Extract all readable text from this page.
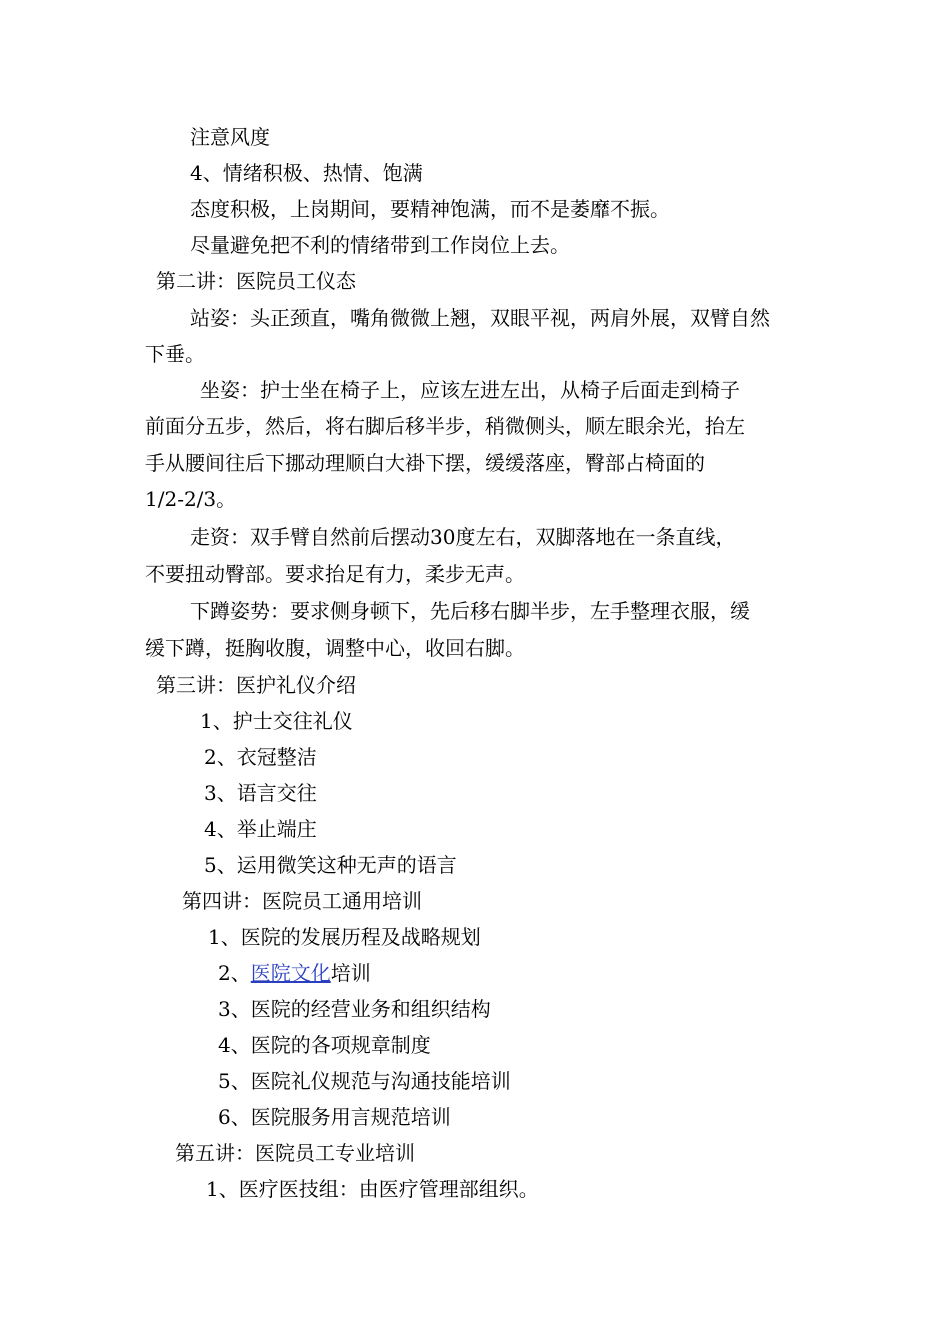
注意风度
4、情绪积极、热情、饱满
态度积极，上岗期间，要精神饱满，而不是萎靡不振。
尽量避免把不利的情绪带到工作岗位上去。
第二讲：医院员工仪态
站姿：头正颈直，嘴角微微上翘，双眼平视，两肩外展，双臂自然
下垂。
坐姿：护士坐在椅子上，应该左进左出，从椅子后面走到椅子
前面分五步，然后，将右脚后移半步，稍微侧头，顺左眼余光，抬左
手从腰间往后下挪动理顺白大褂下摆，缓缓落座，臀部占椅面的
1/2-2/3。
走资：双手臂自然前后摆动30度左右，双脚落地在一条直线，
不要扭动臀部。要求抬足有力，柔步无声。
下蹲姿势：要求侧身顿下，先后移右脚半步，左手整理衣服，缓
缓下蹲，挺胸收腹，调整中心，收回右脚。
第三讲：医护礼仪介绍
1、护士交往礼仪
2、衣冠整洁
3、语言交往
4、举止端庄
5、运用微笑这种无声的语言
第四讲：医院员工通用培训
1、医院的发展历程及战略规划
2、医院文化培训
3、医院的经营业务和组织结构
4、医院的各项规章制度
5、医院礼仪规范与沟通技能培训
6、医院服务用言规范培训
第五讲：医院员工专业培训
1、医疗医技组：由医疗管理部组织。
